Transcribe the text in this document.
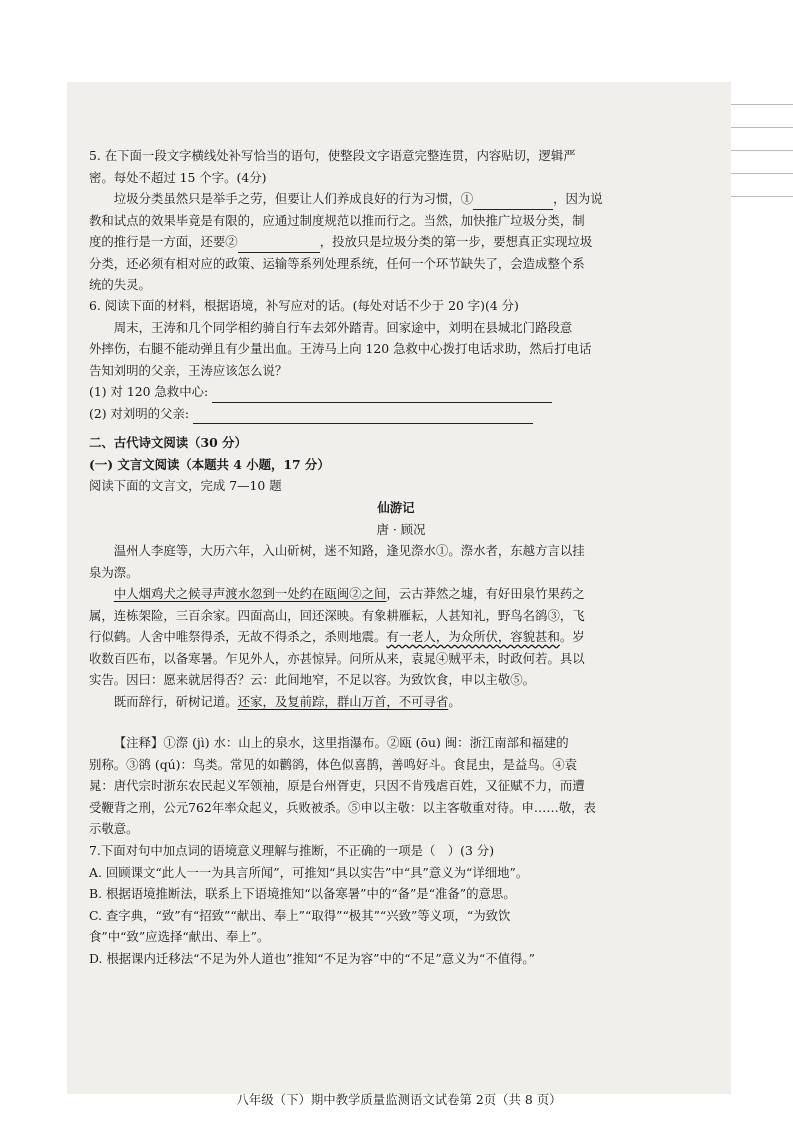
5. 在下面一段文字横线处补写恰当的语句，使整段文字语意完整连贯，内容贴切，逻辑严

密。每处不超过 15 个字。(4分)

垃圾分类虽然只是举手之劳，但要让人们养成良好的行为习惯，①	，因为说

教和试点的效果毕竟是有限的，应通过制度规范以推而行之。当然，加快推广垃圾分类，制

度的推行是一方面，还要②	，投放只是垃圾分类的第一步，要想真正实现垃圾

分类，还必须有相对应的政策、运输等系列处理系统，任何一个环节缺失了，会造成整个系

统的失灵。

6. 阅读下面的材料，根据语境，补写应对的话。(每处对话不少于 20 字)(4 分)

周末，王涛和几个同学相约骑自行车去郊外踏青。回家途中，刘明在县城北门路段意

外摔伤，右腿不能动弹且有少量出血。王涛马上向 120 急救中心拨打电话求助，然后打电话

告知刘明的父亲，王涛应该怎么说？

(1) 对 120 急救中心:

(2) 对刘明的父亲:

二、古代诗文阅读（30 分）

(一) 文言文阅读（本题共 4 小题，17 分）

阅读下面的文言文，完成 7—10 题

仙游记

唐 · 顾况

温州人李庭等，大历六年，入山斫树，迷不知路，逢见漈水①。漈水者，东越方言以挂

泉为漈。

中人烟鸡犬之候寻声渡水忽到一处约在瓯闽②之间，云古莽然之墟，有好田泉竹果药之

属，连栋架险，三百余家。四面高山，回还深映。有象耕雁耘，人甚知礼，野鸟名鹆③，飞

行似鹤。人舍中唯祭得杀，无故不得杀之，杀则地震。有一老人，为众所伏，容貌甚和。岁

收数百匹布，以备寒暑。乍见外人，亦甚惊异。问所从来，袁晁④贼平未，时政何若。具以

实告。因曰：愿来就居得否？云：此间地窄，不足以容。为致饮食，申以主敬⑤。

既而辞行，斫树记道。还家，及复前踪，群山万首，不可寻省。

【注释】①漈 (jì) 水：山上的泉水，这里指瀑布。②瓯 (ōu) 闽：浙江南部和福建的

别称。③鹆 (qú)：鸟类。常见的如鹳鹆，体色似喜鹊，善鸣好斗。食昆虫，是益鸟。④袁

晁：唐代宗时浙东农民起义军领袖，原是台州胥吏，只因不肯残虐百姓，又征赋不力，而遭

受鞭背之刑，公元762年率众起义，兵败被杀。⑤申以主敬：以主客敬重对待。申……敬，表

示敬意。

7.下面对句中加点词的语境意义理解与推断，不正确的一项是（　）(3 分)

A. 回顾课文“此人一一为具言所闻”，可推知“具以实告”中“具”意义为“详细地”。

B. 根据语境推断法，联系上下语境推知“以备寒暑”中的“备”是“准备”的意思。

C. 查字典，“致”有“招致”“献出、奉上”“取得”“极其”“兴致”等义项，“为致饮

食”中“致”应选择“献出、奉上”。

D. 根据课内迁移法“不足为外人道也”推知“不足为容”中的“不足”意义为“不值得。”

八年级（下）期中教学质量监测语文试卷第 2页（共 8 页）
